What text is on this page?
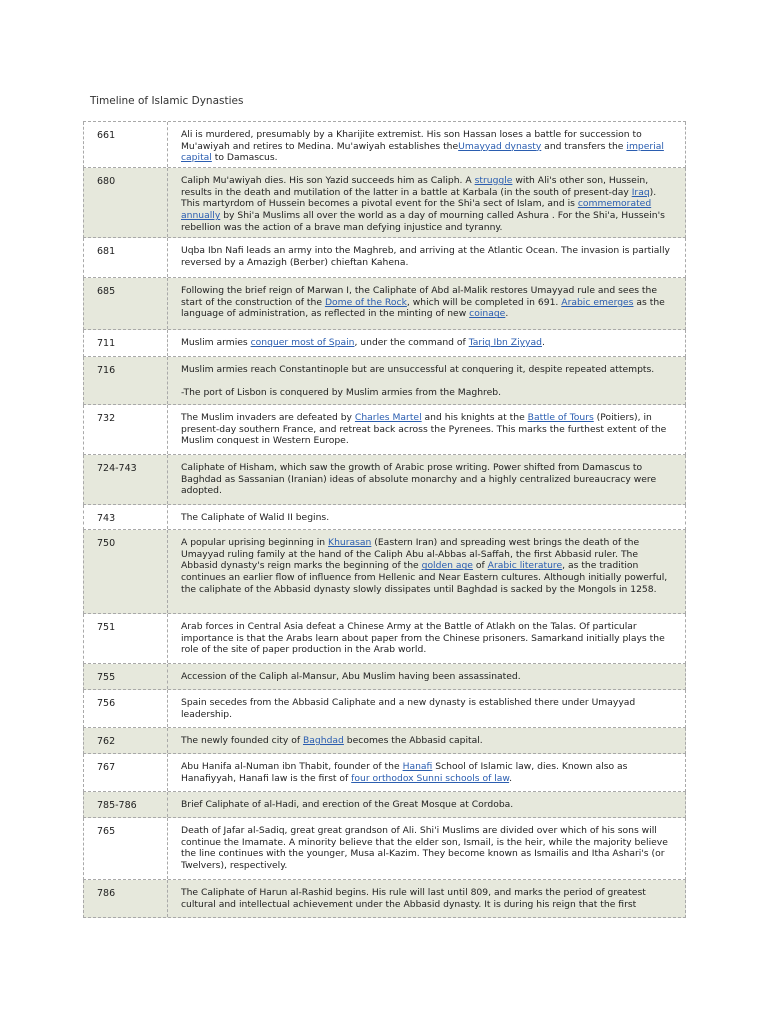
Timeline of Islamic Dynasties
661	Ali is murdered, presumably by a Kharijite extremist. His son Hassan loses a battle for succession to Mu'awiyah and retires to Medina. Mu'awiyah establishes theUmayyad dynasty and transfers the imperial capital to Damascus.

680	Caliph Mu'awiyah dies. His son Yazid succeeds him as Caliph. A struggle with Ali's other son, Hussein, results in the death and mutilation of the latter in a battle at Karbala (in the south of present-day Iraq). This martyrdom of Hussein becomes a pivotal event for the Shi'a sect of Islam, and is commemorated annually by Shi'a Muslims all over the world as a day of mourning called Ashura . For the Shi'a, Hussein's rebellion was the action of a brave man defying injustice and tyranny.

681	Uqba Ibn Nafi leads an army into the Maghreb, and arriving at the Atlantic Ocean. The invasion is partially reversed by a Amazigh (Berber) chieftan Kahena.

685	Following the brief reign of Marwan I, the Caliphate of Abd al-Malik restores Umayyad rule and sees the start of the construction of the Dome of the Rock, which will be completed in 691. Arabic emerges as the language of administration, as reflected in the minting of new coinage.

711	Muslim armies conquer most of Spain, under the command of Tariq Ibn Ziyyad.

716	Muslim armies reach Constantinople but are unsuccessful at conquering it, despite repeated attempts.

-The port of Lisbon is conquered by Muslim armies from the Maghreb.

732	The Muslim invaders are defeated by Charles Martel and his knights at the Battle of Tours (Poitiers), in present-day southern France, and retreat back across the Pyrenees. This marks the furthest extent of the Muslim conquest in Western Europe.

724-743	Caliphate of Hisham, which saw the growth of Arabic prose writing. Power shifted from Damascus to Baghdad as Sassanian (Iranian) ideas of absolute monarchy and a highly centralized bureaucracy were adopted.

743	The Caliphate of Walid II begins.

750	A popular uprising beginning in Khurasan (Eastern Iran) and spreading west brings the death of the Umayyad ruling family at the hand of the Caliph Abu al-Abbas al-Saffah, the first Abbasid ruler. The Abbasid dynasty's reign marks the beginning of the golden age of Arabic literature, as the tradition continues an earlier flow of influence from Hellenic and Near Eastern cultures. Although initially powerful, the caliphate of the Abbasid dynasty slowly dissipates until Baghdad is sacked by the Mongols in 1258.

751	Arab forces in Central Asia defeat a Chinese Army at the Battle of Atlakh on the Talas. Of particular importance is that the Arabs learn about paper from the Chinese prisoners. Samarkand initially plays the role of the site of paper production in the Arab world.

755	Accession of the Caliph al-Mansur, Abu Muslim having been assassinated.

756	Spain secedes from the Abbasid Caliphate and a new dynasty is established there under Umayyad leadership.

762	The newly founded city of Baghdad becomes the Abbasid capital.

767	Abu Hanifa al-Numan ibn Thabit, founder of the Hanafi School of Islamic law, dies. Known also as Hanafiyyah, Hanafi law is the first of four orthodox Sunni schools of law.

785-786	Brief Caliphate of al-Hadi, and erection of the Great Mosque at Cordoba.

765	Death of Jafar al-Sadiq, great great grandson of Ali. Shi'i Muslims are divided over which of his sons will continue the Imamate. A minority believe that the elder son, Ismail, is the heir, while the majority believe the line continues with the younger, Musa al-Kazim. They become known as Ismailis and Itha Ashari's (or Twelvers), respectively.

786	The Caliphate of Harun al-Rashid begins. His rule will last until 809, and marks the period of greatest cultural and intellectual achievement under the Abbasid dynasty. It is during his reign that the first
